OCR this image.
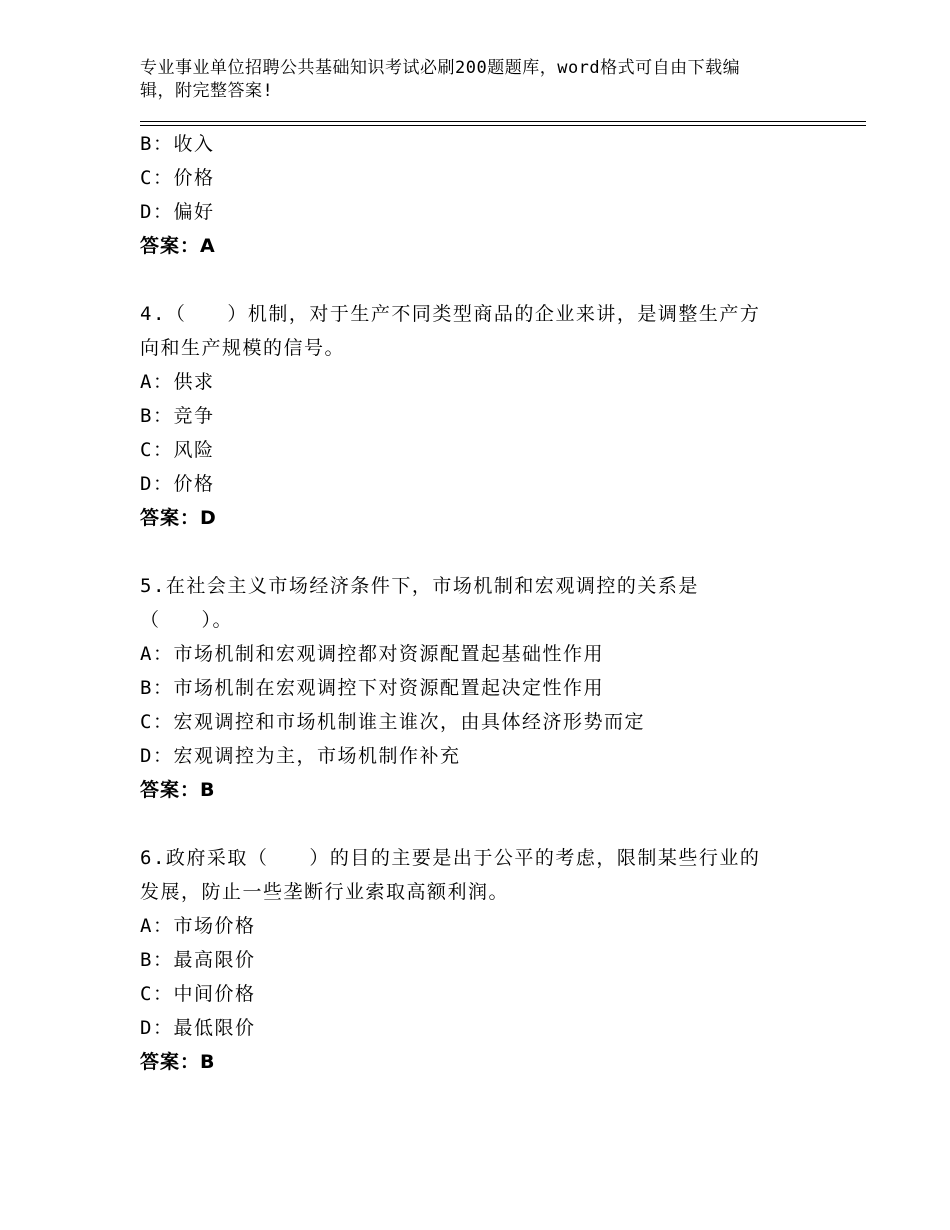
专业事业单位招聘公共基础知识考试必刷200题题库，word格式可自由下载编
辑，附完整答案!
B：收入
C：价格
D：偏好
答案：A
4.（　　）机制，对于生产不同类型商品的企业来讲，是调整生产方
向和生产规模的信号。
A：供求
B：竞争
C：风险
D：价格
答案：D
5.在社会主义市场经济条件下，市场机制和宏观调控的关系是
（　　）。
A：市场机制和宏观调控都对资源配置起基础性作用
B：市场机制在宏观调控下对资源配置起决定性作用
C：宏观调控和市场机制谁主谁次，由具体经济形势而定
D：宏观调控为主，市场机制作补充
答案：B
6.政府采取（　　）的目的主要是出于公平的考虑，限制某些行业的
发展，防止一些垄断行业索取高额利润。
A：市场价格
B：最高限价
C：中间价格
D：最低限价
答案：B
